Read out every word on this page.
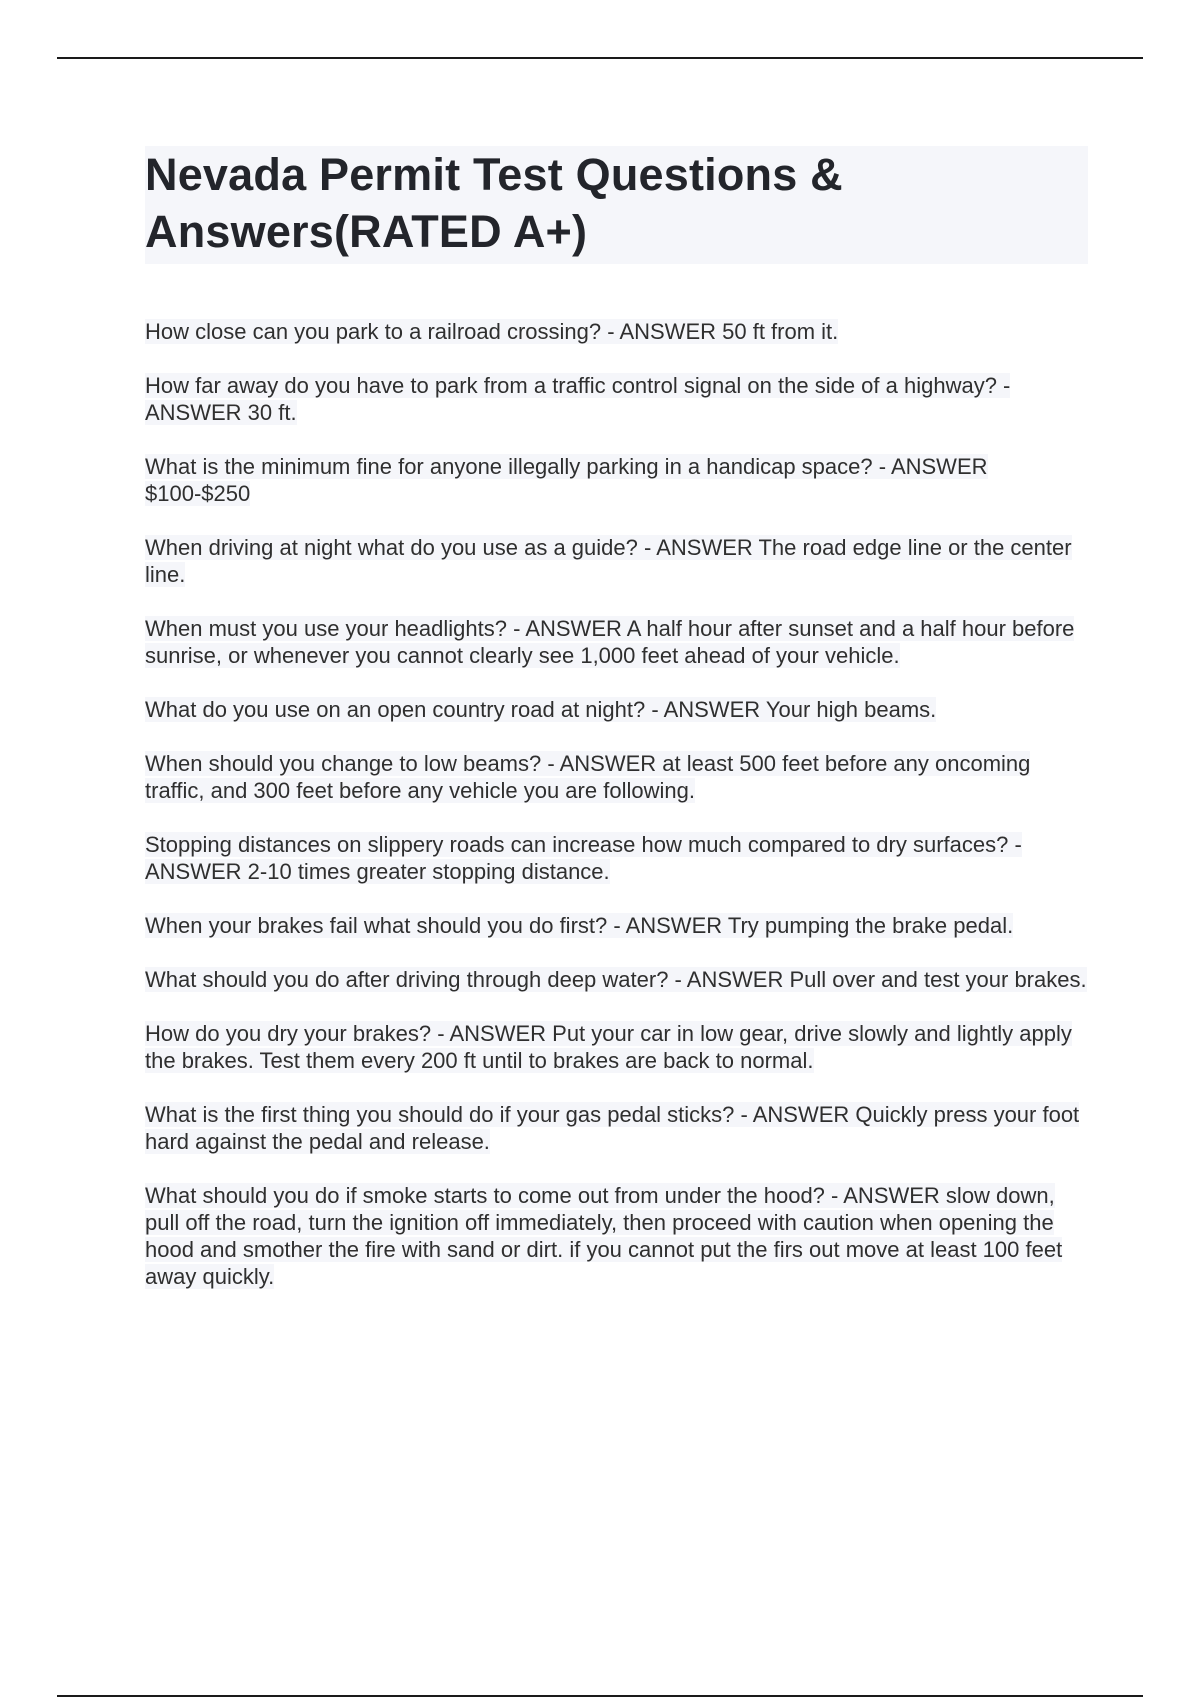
Nevada Permit Test Questions &
Answers(RATED A+)
How close can you park to a railroad crossing? - ANSWER 50 ft from it.
How far away do you have to park from a traffic control signal on the side of a highway? - ANSWER 30 ft.
What is the minimum fine for anyone illegally parking in a handicap space? - ANSWER $100-$250
When driving at night what do you use as a guide? - ANSWER The road edge line or the center line.
When must you use your headlights? - ANSWER A half hour after sunset and a half hour before sunrise, or whenever you cannot clearly see 1,000 feet ahead of your vehicle.
What do you use on an open country road at night? - ANSWER Your high beams.
When should you change to low beams? - ANSWER at least 500 feet before any oncoming traffic, and 300 feet before any vehicle you are following.
Stopping distances on slippery roads can increase how much compared to dry surfaces? - ANSWER 2-10 times greater stopping distance.
When your brakes fail what should you do first? - ANSWER Try pumping the brake pedal.
What should you do after driving through deep water? - ANSWER Pull over and test your brakes.
How do you dry your brakes? - ANSWER Put your car in low gear, drive slowly and lightly apply the brakes. Test them every 200 ft until to brakes are back to normal.
What is the first thing you should do if your gas pedal sticks? - ANSWER Quickly press your foot hard against the pedal and release.
What should you do if smoke starts to come out from under the hood? - ANSWER slow down, pull off the road, turn the ignition off immediately, then proceed with caution when opening the hood and smother the fire with sand or dirt. if you cannot put the firs out move at least 100 feet away quickly.
